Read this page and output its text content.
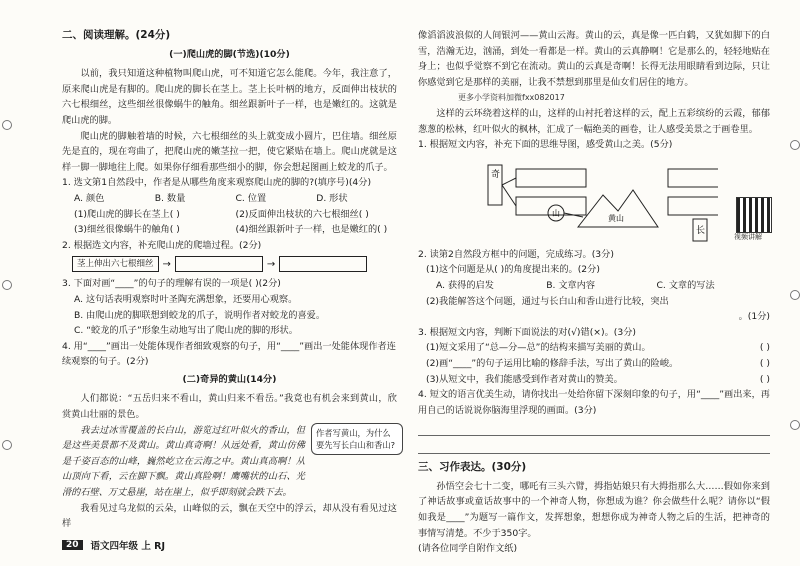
二、阅读理解。(24分)
(一)爬山虎的脚(节选)(10分)

以前，我只知道这种植物叫爬山虎，可不知道它怎么能爬。今年，我注意了，原来爬山虎是有脚的。爬山虎的脚长在茎上。茎上长叶柄的地方，反面伸出枝状的六七根细丝，这些细丝很像蜗牛的触角。细丝跟新叶子一样，也是嫩红的。这就是爬山虎的脚。

爬山虎的脚触着墙的时候，六七根细丝的头上就变成小圆片，巴住墙。细丝原先是直的，现在弯曲了，把爬山虎的嫩茎拉一把，使它紧贴在墙上。爬山虎就是这样一脚一脚地往上爬。如果你仔细看那些细小的脚，你会想起图画上蛟龙的爪子。

1. 选文第1自然段中，作者是从哪些角度来观察爬山虎的脚的?(填序号)(4分)

A. 颜色	B. 数量	C. 位置	D. 形状
(1)爬山虎的脚长在茎上( )	(2)反面伸出枝状的六七根细丝( )
(3)细丝很像蜗牛的触角( )	(4)细丝跟新叶子一样，也是嫩红的( )

2. 根据选文内容，补充爬山虎的爬墙过程。(2分)

茎上伸出六七根细丝 →	→

3. 下面对画“____”的句子的理解有误的一项是( )(2分)

A. 这句话表明观察时叶圣陶充满想象，还要用心观察。

B. 由爬山虎的脚联想到蛟龙的爪子，说明作者对蛟龙的喜爱。

C. “蛟龙的爪子”形象生动地写出了爬山虎的脚的形状。

4. 用“____”画出一处能体现作者细致观察的句子，用“____”画出一处能体现作者连续观察的句子。(2分)

(二)奇异的黄山(14分)

人们都说：“五岳归来不看山，黄山归来不看岳。”我竟也有机会来到黄山，欣赏黄山壮丽的景色。

我去过冰雪覆盖的长白山，游览过红叶似火的香山，但是这些美景都不及黄山。黄山真奇啊！从远处看，黄山仿佛是千姿百态的山峰，巍然屹立在云海之中。黄山真高啊！从山顶向下看，云在脚下飘。黄山真险啊！鹰嘴状的山石、光滑的石壁、万丈悬崖，站在崖上，似乎即刻就会跌下去。

作者写黄山，为什么要先写长白山和香山?

我看见过乌龙似的云朵，山峰似的云，飘在天空中的浮云，却从没有看见过这样

像滔滔波浪似的人间银河——黄山云海。黄山的云，真是像一匹白鹤，又犹如脚下的白雪，浩瀚无边，汹涌，到处一看都是一样。黄山的云真静啊！它是那么的，轻轻地贴在身上；也似乎觉察不到它在流动。黄山的云真是奇啊！长得无法用眼睛看到边际，只让你感觉到它是那样的美丽，让我不禁想到那里是仙女们居住的地方。

更多小学资料加微fxx082017

这样的云环绕着这样的山，这样的山衬托着这样的云，配上五彩缤纷的云霞，郁郁葱葱的松林，红叶似火的枫林，汇成了一幅绝美的画卷，让人感受美景之于画卷里。

1. 根据短文内容，补充下面的思维导图，感受黄山之美。(5分)

奇
山
黄山
长

2. 读第2自然段方框中的问题，完成练习。(3分)

(1)这个问题是从( )的角度提出来的。(2分)

A. 获得的启发	B. 文章内容	C. 文章的写法

(2)我能解答这个问题，通过与长白山和香山进行比较，突出

。(1分)

3. 根据短文内容，判断下面说法的对(√)错(×)。(3分)

(1)短文采用了“总—分—总”的结构来描写美丽的黄山。	( )
(2)画“____”的句子运用比喻的修辞手法，写出了黄山的险峻。	( )
(3)从短文中，我们能感受到作者对黄山的赞美。	( )

4. 短文的语言优美生动，请你找出一处给你留下深刻印象的句子，用“____”画出来，再用自己的话说说你脑海里浮现的画面。(3分)

三、习作表达。(30分)

孙悟空会七十二变，哪吒有三头六臂，拇指姑娘只有大拇指那么大……假如你来到了神话故事或童话故事中的一个神奇人物，你想成为谁？你会做些什么呢？请你以“假如我是____”为题写一篇作文，发挥想象，想想你成为神奇人物之后的生活，把神奇的事情写清楚。不少于350字。

(请各位同学自附作文纸)

视频讲解
20	语文四年级 上 RJ
